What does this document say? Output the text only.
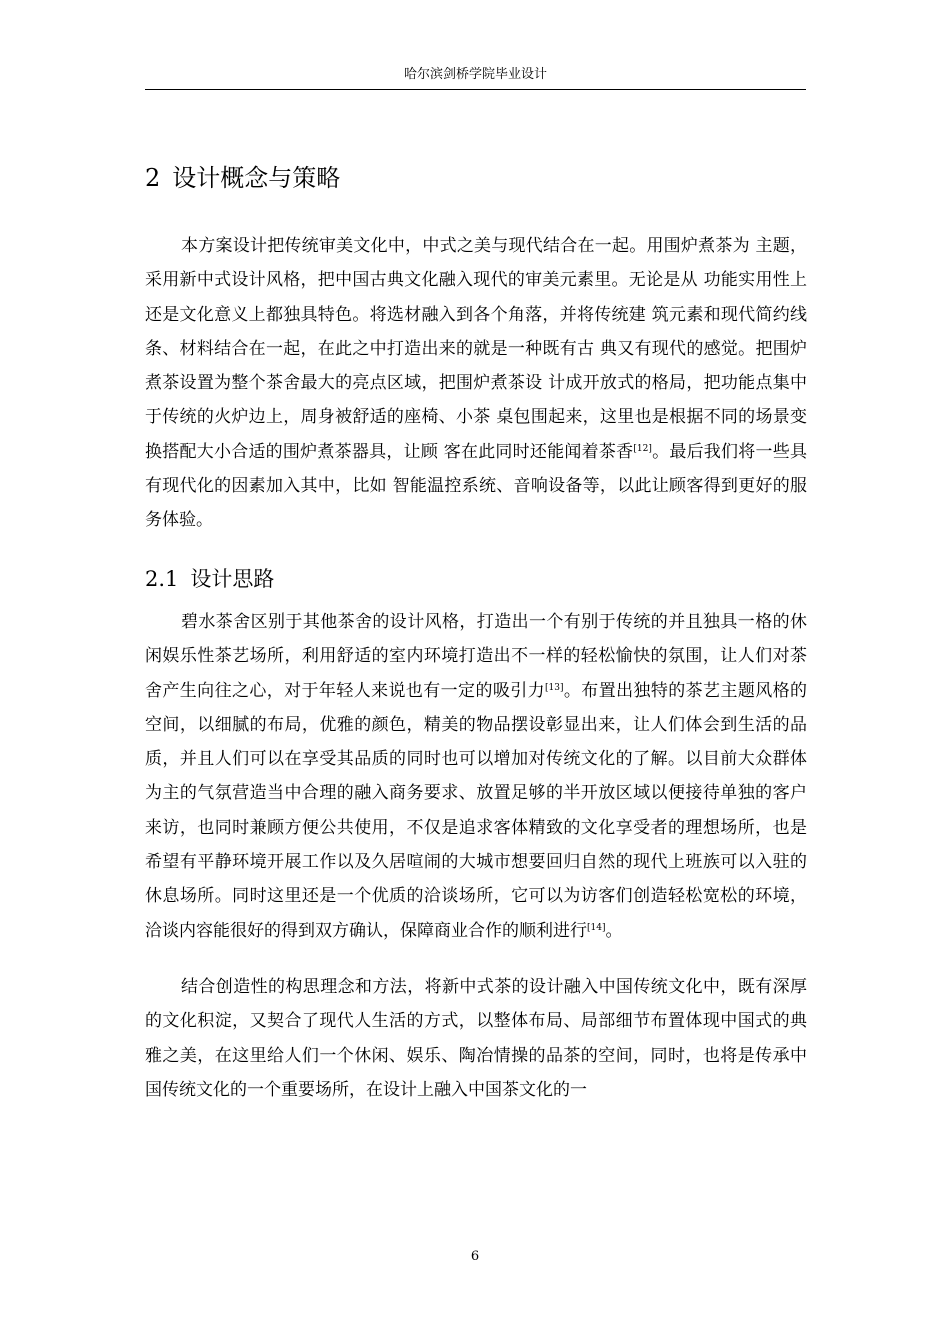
哈尔滨剑桥学院毕业设计
2 设计概念与策略

本方案设计把传统审美文化中，中式之美与现代结合在一起。用围炉煮茶为 主题，采用新中式设计风格，把中国古典文化融入现代的审美元素里。无论是从 功能实用性上还是文化意义上都独具特色。将选材融入到各个角落，并将传统建 筑元素和现代简约线条、材料结合在一起，在此之中打造出来的就是一种既有古 典又有现代的感觉。把围炉煮茶设置为整个茶舍最大的亮点区域，把围炉煮茶设 计成开放式的格局，把功能点集中于传统的火炉边上，周身被舒适的座椅、小茶 桌包围起来，这里也是根据不同的场景变换搭配大小合适的围炉煮茶器具，让顾 客在此同时还能闻着茶香[12]。最后我们将一些具有现代化的因素加入其中，比如 智能温控系统、音响设备等，以此让顾客得到更好的服务体验。

2.1 设计思路

碧水茶舍区别于其他茶舍的设计风格，打造出一个有别于传统的并且独具一格的休闲娱乐性茶艺场所，利用舒适的室内环境打造出不一样的轻松愉快的氛围，让人们对茶舍产生向往之心，对于年轻人来说也有一定的吸引力[13]。布置出独特的茶艺主题风格的空间，以细腻的布局，优雅的颜色，精美的物品摆设彰显出来，让人们体会到生活的品质，并且人们可以在享受其品质的同时也可以增加对传统文化的了解。以目前大众群体为主的气氛营造当中合理的融入商务要求、放置足够的半开放区域以便接待单独的客户来访，也同时兼顾方便公共使用，不仅是追求客体精致的文化享受者的理想场所，也是希望有平静环境开展工作以及久居喧闹的大城市想要回归自然的现代上班族可以入驻的休息场所。同时这里还是一个优质的洽谈场所，它可以为访客们创造轻松宽松的环境，洽谈内容能很好的得到双方确认，保障商业合作的顺利进行[14]。

结合创造性的构思理念和方法，将新中式茶的设计融入中国传统文化中，既有深厚的文化积淀，又契合了现代人生活的方式，以整体布局、局部细节布置体现中国式的典雅之美，在这里给人们一个休闲、娱乐、陶冶情操的品茶的空间，同时，也将是传承中国传统文化的一个重要场所，在设计上融入中国茶文化的一

6
